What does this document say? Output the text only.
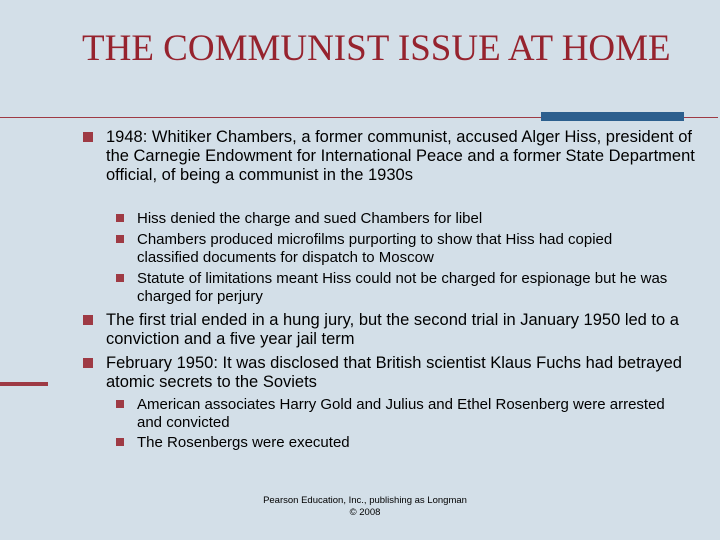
THE COMMUNIST ISSUE AT HOME
1948: Whitiker Chambers, a former communist, accused Alger Hiss, president of the Carnegie Endowment for International Peace and a former State Department official, of being a communist in the 1930s
Hiss denied the charge and sued Chambers for libel
Chambers produced microfilms purporting to show that Hiss had copied classified documents for dispatch to Moscow
Statute of limitations meant Hiss could not be charged for espionage but he was charged for perjury
The first trial ended in a hung jury, but the second trial in January 1950 led to a conviction and a five year jail term
February 1950: It was disclosed that British scientist Klaus Fuchs had betrayed atomic secrets to the Soviets
American associates Harry Gold and Julius and Ethel Rosenberg were arrested and convicted
The Rosenbergs were executed
Pearson Education, Inc., publishing as Longman
© 2008
